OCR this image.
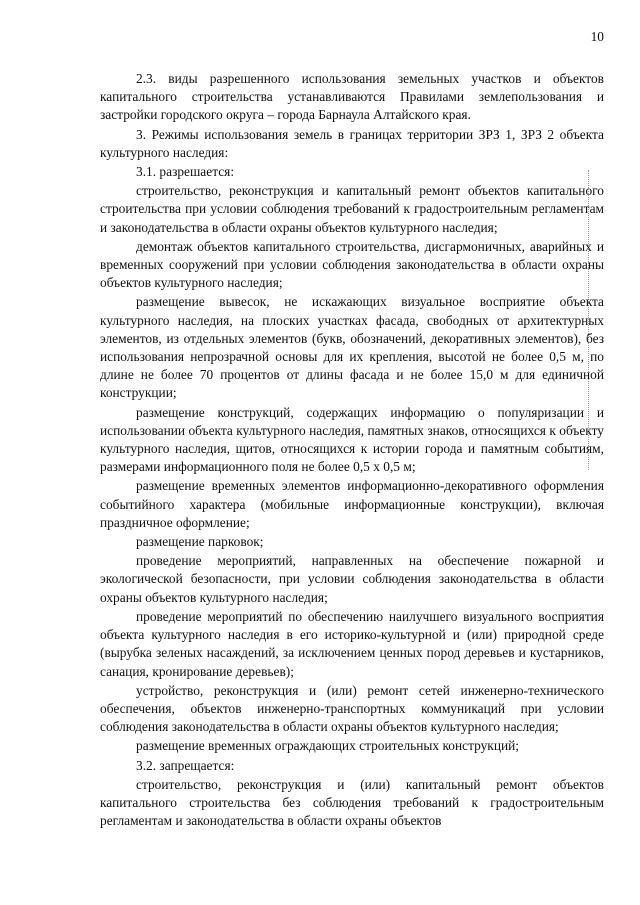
10

2.3. виды разрешенного использования земельных участков и объектов капитального строительства устанавливаются Правилами землепользования и застройки городского округа – города Барнаула Алтайского края.

3. Режимы использования земель в границах территории ЗРЗ 1, ЗРЗ 2 объекта культурного наследия:

3.1. разрешается:

строительство, реконструкция и капитальный ремонт объектов капитального строительства при условии соблюдения требований к градостроительным регламентам и законодательства в области охраны объектов культурного наследия;

демонтаж объектов капитального строительства, дисгармоничных, аварийных и временных сооружений при условии соблюдения законодательства в области охраны объектов культурного наследия;

размещение вывесок, не искажающих визуальное восприятие объекта культурного наследия, на плоских участках фасада, свободных от архитектурных элементов, из отдельных элементов (букв, обозначений, декоративных элементов), без использования непрозрачной основы для их крепления, высотой не более 0,5 м, по длине не более 70 процентов от длины фасада и не более 15,0 м для единичной конструкции;

размещение конструкций, содержащих информацию о популяризации и использовании объекта культурного наследия, памятных знаков, относящихся к объекту культурного наследия, щитов, относящихся к истории города и памятным событиям, размерами информационного поля не более 0,5 х 0,5 м;

размещение временных элементов информационно-декоративного оформления событийного характера (мобильные информационные конструкции), включая праздничное оформление;

размещение парковок;

проведение мероприятий, направленных на обеспечение пожарной и экологической безопасности, при условии соблюдения законодательства в области охраны объектов культурного наследия;

проведение мероприятий по обеспечению наилучшего визуального восприятия объекта культурного наследия в его историко-культурной и (или) природной среде (вырубка зеленых насаждений, за исключением ценных пород деревьев и кустарников, санация, кронирование деревьев);

устройство, реконструкция и (или) ремонт сетей инженерно-технического обеспечения, объектов инженерно-транспортных коммуникаций при условии соблюдения законодательства в области охраны объектов культурного наследия;

размещение временных ограждающих строительных конструкций;

3.2. запрещается:

строительство, реконструкция и (или) капитальный ремонт объектов капитального строительства без соблюдения требований к градостроительным регламентам и законодательства в области охраны объектов
